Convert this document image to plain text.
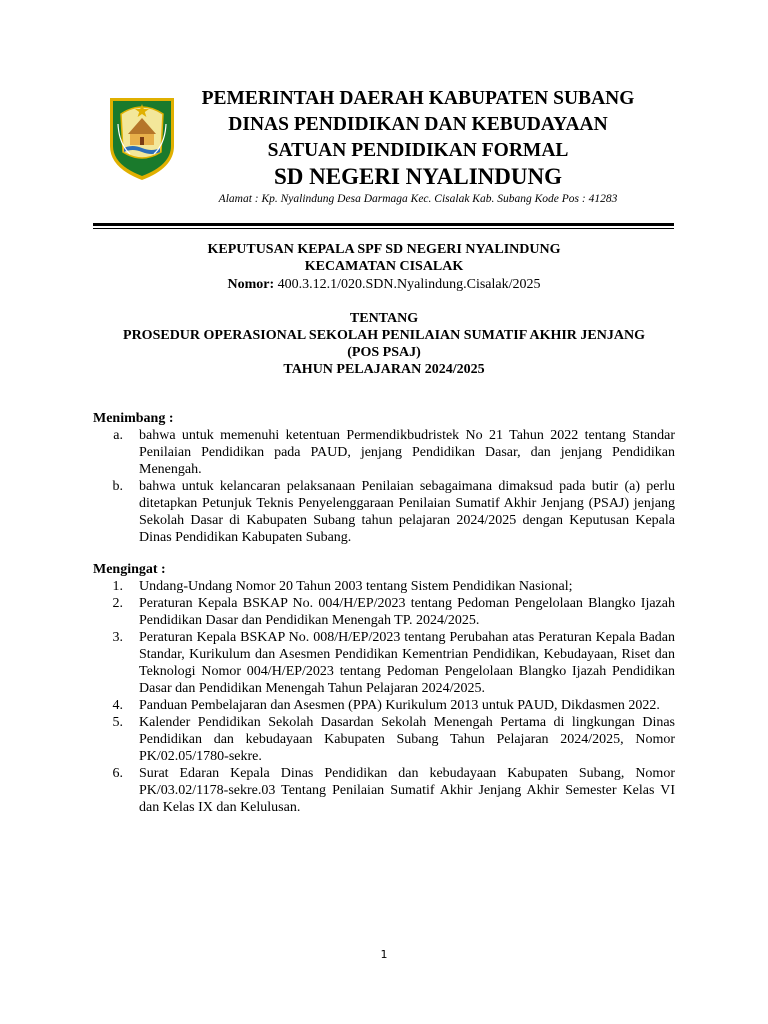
PEMERINTAH DAERAH KABUPATEN SUBANG
DINAS PENDIDIKAN DAN KEBUDAYAAN
SATUAN PENDIDIKAN FORMAL
SD NEGERI NYALINDUNG
Alamat : Kp. Nyalindung Desa Darmaga Kec. Cisalak Kab. Subang Kode Pos : 41283
KEPUTUSAN KEPALA SPF SD NEGERI NYALINDUNG
KECAMATAN CISALAK
Nomor: 400.3.12.1/020.SDN.Nyalindung.Cisalak/2025
TENTANG
PROSEDUR OPERASIONAL SEKOLAH PENILAIAN SUMATIF AKHIR JENJANG
(POS PSAJ)
TAHUN PELAJARAN 2024/2025
Menimbang :
a. bahwa untuk memenuhi ketentuan Permendikbudristek No 21 Tahun 2022 tentang Standar Penilaian Pendidikan pada PAUD, jenjang Pendidikan Dasar, dan jenjang Pendidikan Menengah.
b. bahwa untuk kelancaran pelaksanaan Penilaian sebagaimana dimaksud pada butir (a) perlu ditetapkan Petunjuk Teknis Penyelenggaraan Penilaian Sumatif Akhir Jenjang (PSAJ) jenjang Sekolah Dasar di Kabupaten Subang tahun pelajaran 2024/2025 dengan Keputusan Kepala Dinas Pendidikan Kabupaten Subang.
Mengingat :
1. Undang-Undang Nomor 20 Tahun 2003 tentang Sistem Pendidikan Nasional;
2. Peraturan Kepala BSKAP No. 004/H/EP/2023 tentang Pedoman Pengelolaan Blangko Ijazah Pendidikan Dasar dan Pendidikan Menengah TP. 2024/2025.
3. Peraturan Kepala BSKAP No. 008/H/EP/2023 tentang Perubahan atas Peraturan Kepala Badan Standar, Kurikulum dan Asesmen Pendidikan Kementrian Pendidikan, Kebudayaan, Riset dan Teknologi Nomor 004/H/EP/2023 tentang Pedoman Pengelolaan Blangko Ijazah Pendidikan Dasar dan Pendidikan Menengah Tahun Pelajaran 2024/2025.
4. Panduan Pembelajaran dan Asesmen (PPA) Kurikulum 2013 untuk PAUD, Dikdasmen 2022.
5. Kalender Pendidikan Sekolah Dasardan Sekolah Menengah Pertama di lingkungan Dinas Pendidikan dan kebudayaan Kabupaten Subang Tahun Pelajaran 2024/2025, Nomor PK/02.05/1780-sekre.
6. Surat Edaran Kepala Dinas Pendidikan dan kebudayaan Kabupaten Subang, Nomor PK/03.02/1178-sekre.03 Tentang Penilaian Sumatif Akhir Jenjang Akhir Semester Kelas VI dan Kelas IX dan Kelulusan.
1
